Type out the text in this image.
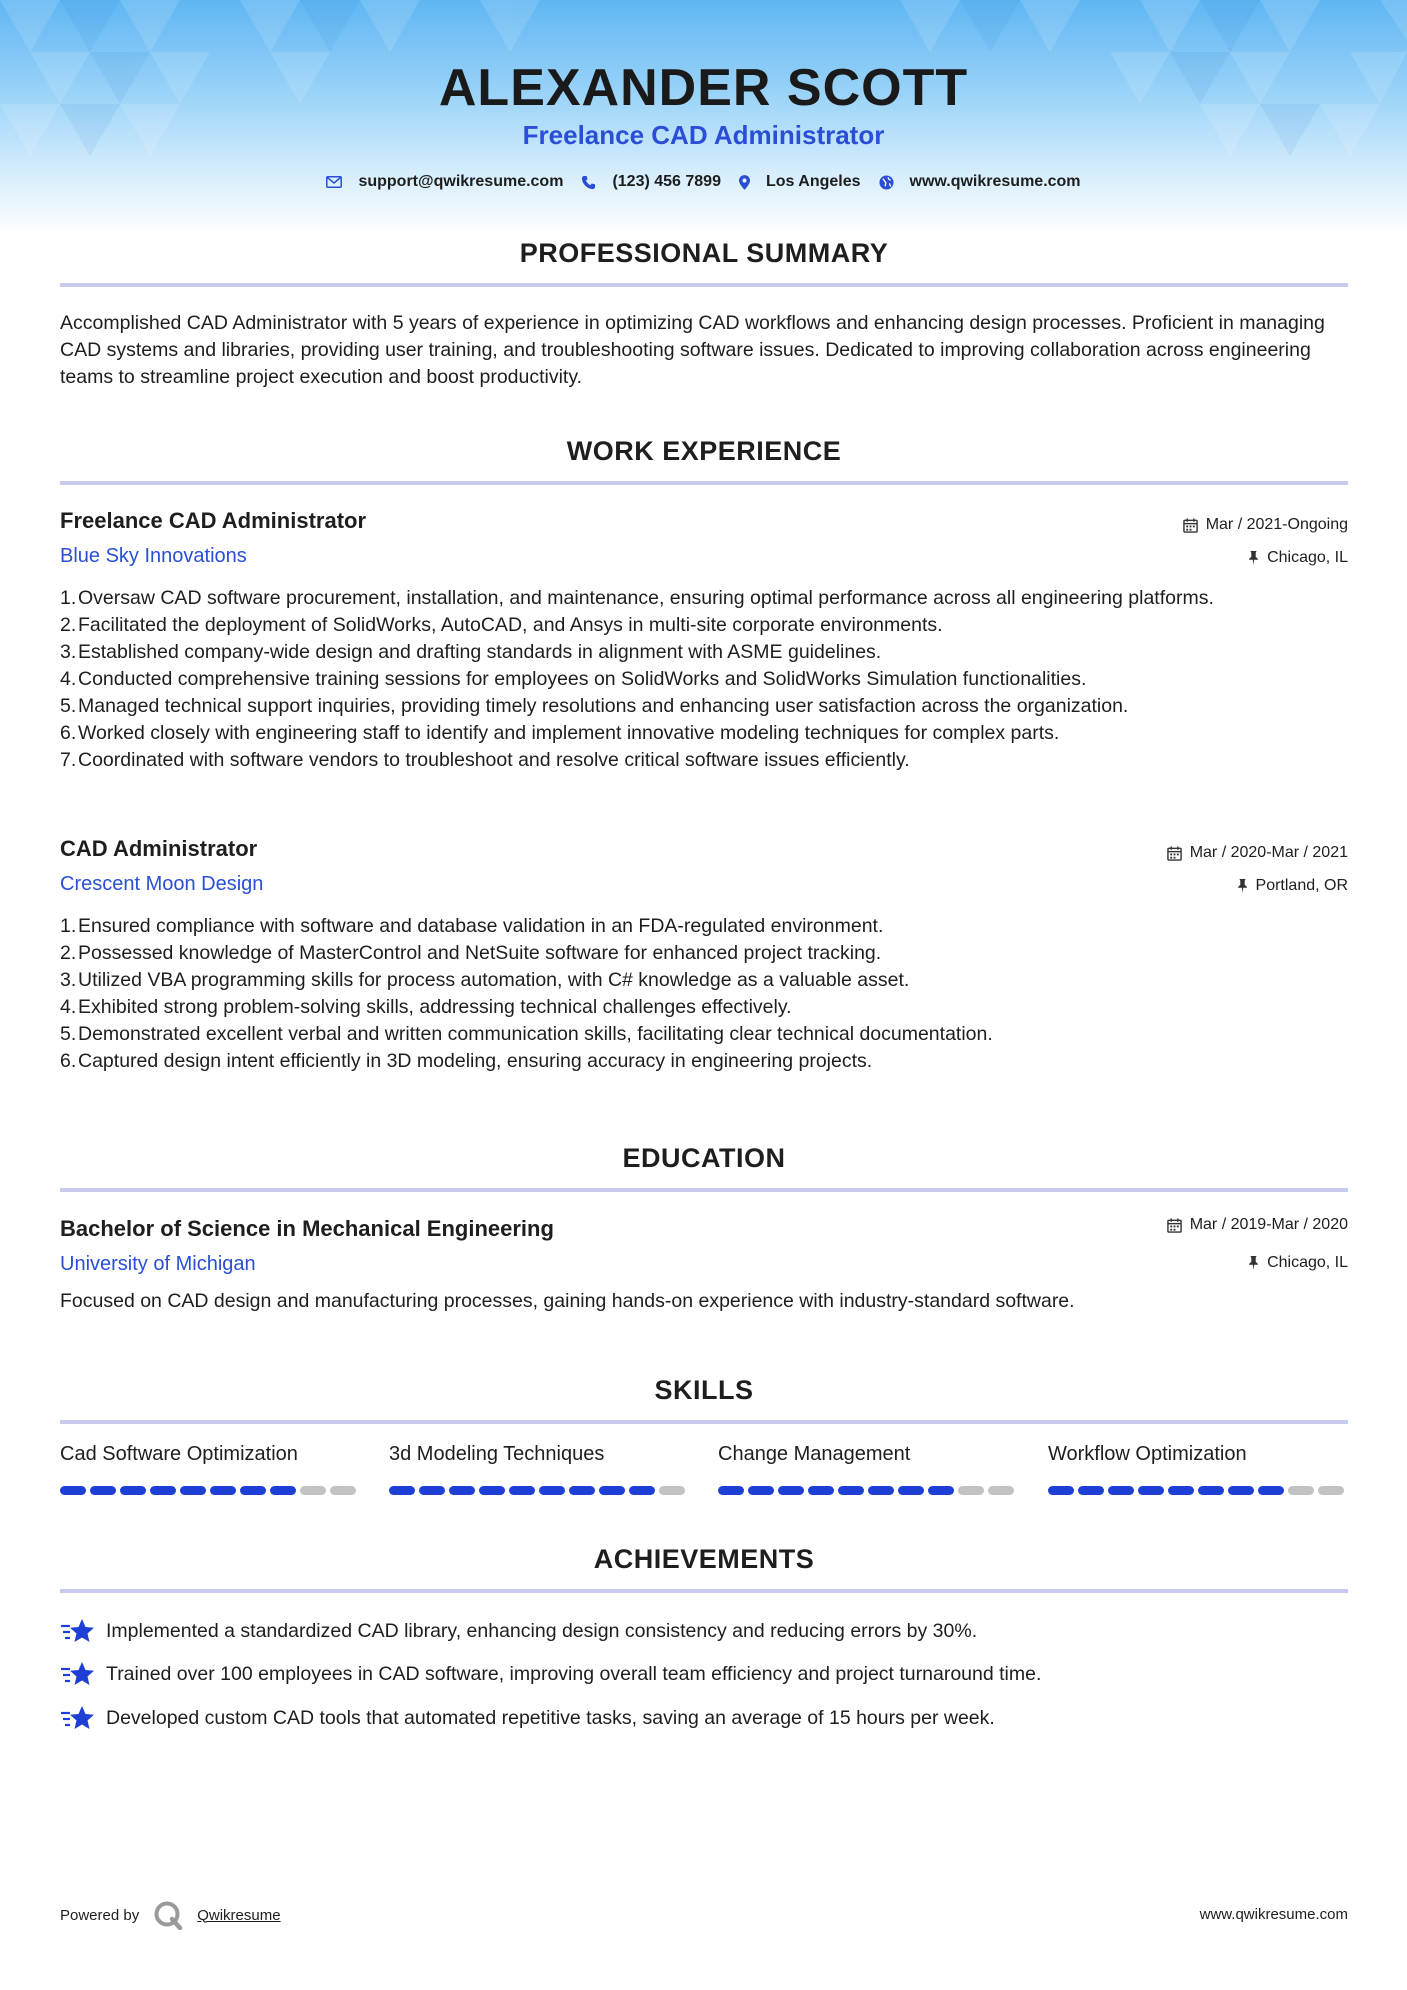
ALEXANDER SCOTT
Freelance CAD Administrator
support@qwikresume.com	(123) 456 7899	Los Angeles	www.qwikresume.com
PROFESSIONAL SUMMARY
Accomplished CAD Administrator with 5 years of experience in optimizing CAD workflows and enhancing design processes. Proficient in managing CAD systems and libraries, providing user training, and troubleshooting software issues. Dedicated to improving collaboration across engineering teams to streamline project execution and boost productivity.
WORK EXPERIENCE
Freelance CAD Administrator	Mar / 2021-Ongoing
Blue Sky Innovations	Chicago, IL
1. Oversaw CAD software procurement, installation, and maintenance, ensuring optimal performance across all engineering platforms.
2. Facilitated the deployment of SolidWorks, AutoCAD, and Ansys in multi-site corporate environments.
3. Established company-wide design and drafting standards in alignment with ASME guidelines.
4. Conducted comprehensive training sessions for employees on SolidWorks and SolidWorks Simulation functionalities.
5. Managed technical support inquiries, providing timely resolutions and enhancing user satisfaction across the organization.
6. Worked closely with engineering staff to identify and implement innovative modeling techniques for complex parts.
7. Coordinated with software vendors to troubleshoot and resolve critical software issues efficiently.
CAD Administrator	Mar / 2020-Mar / 2021
Crescent Moon Design	Portland, OR
1. Ensured compliance with software and database validation in an FDA-regulated environment.
2. Possessed knowledge of MasterControl and NetSuite software for enhanced project tracking.
3. Utilized VBA programming skills for process automation, with C# knowledge as a valuable asset.
4. Exhibited strong problem-solving skills, addressing technical challenges effectively.
5. Demonstrated excellent verbal and written communication skills, facilitating clear technical documentation.
6. Captured design intent efficiently in 3D modeling, ensuring accuracy in engineering projects.
EDUCATION
Bachelor of Science in Mechanical Engineering	Mar / 2019-Mar / 2020
University of Michigan	Chicago, IL
Focused on CAD design and manufacturing processes, gaining hands-on experience with industry-standard software.
SKILLS
Cad Software Optimization	3d Modeling Techniques	Change Management	Workflow Optimization
ACHIEVEMENTS
Implemented a standardized CAD library, enhancing design consistency and reducing errors by 30%.
Trained over 100 employees in CAD software, improving overall team efficiency and project turnaround time.
Developed custom CAD tools that automated repetitive tasks, saving an average of 15 hours per week.
Powered by	Qwikresume	www.qwikresume.com
